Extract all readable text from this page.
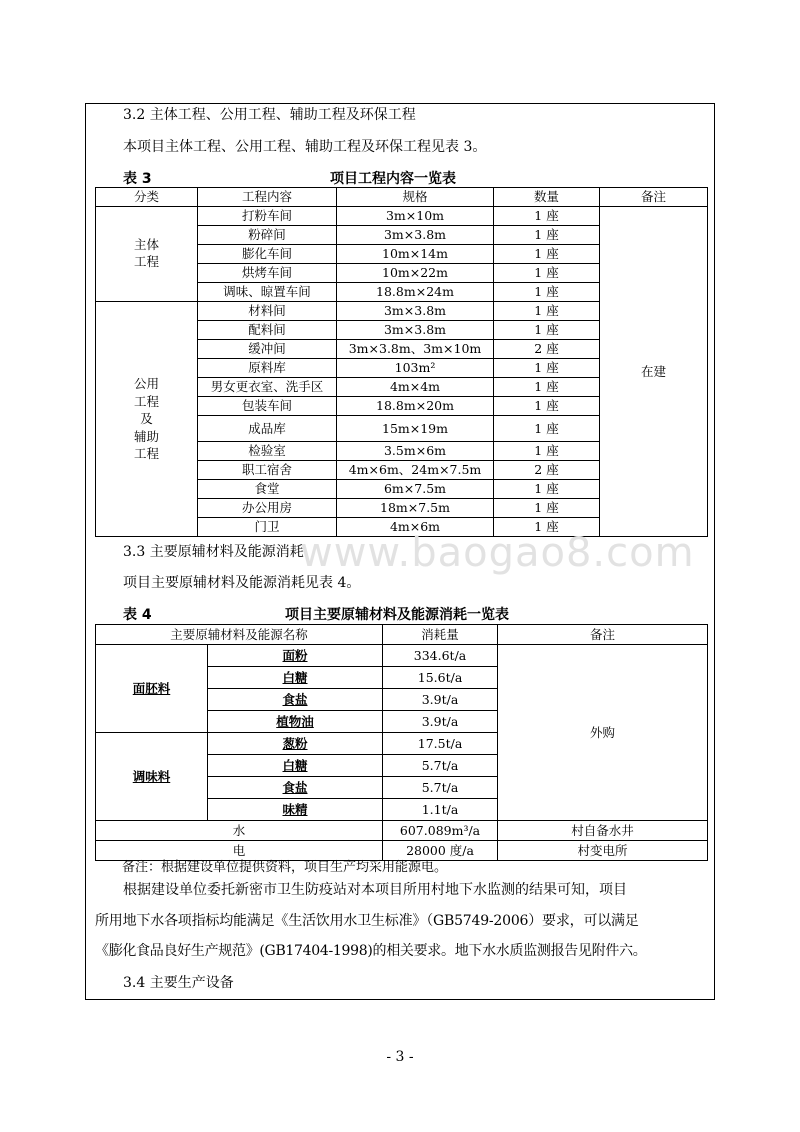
3.2 主体工程、公用工程、辅助工程及环保工程
本项目主体工程、公用工程、辅助工程及环保工程见表 3。
表 3	项目工程内容一览表
分类	工程内容	规格	数量	备注

主体
工程	打粉车间	3m×10m	1 座	在建
	粉碎间	3m×3.8m	1 座	
	膨化车间	10m×14m	1 座	
	烘烤车间	10m×22m	1 座	
	调味、晾置车间	18.8m×24m	1 座	

公用
工程
及
辅助
工程	材料间	3m×3.8m	1 座	
	配料间	3m×3.8m	1 座	
	缓冲间	3m×3.8m、3m×10m	2 座	
	原料库	103m²	1 座	
	男女更衣室、洗手区	4m×4m	1 座	
	包装车间	18.8m×20m	1 座	
	成品库	15m×19m	1 座	
	检验室	3.5m×6m	1 座	
	职工宿舍	4m×6m、24m×7.5m	2 座	
	食堂	6m×7.5m	1 座	
	办公用房	18m×7.5m	1 座	
	门卫	4m×6m	1 座	
3.3 主要原辅材料及能源消耗
项目主要原辅材料及能源消耗见表 4。
www.baogao8.com
表 4	项目主要原辅材料及能源消耗一览表
主要原辅材料及能源名称		消耗量	备注
面胚料	面粉	334.6t/a	外购
	白糖	15.6t/a	
	食盐	3.9t/a	
	植物油	3.9t/a	
调味料	葱粉	17.5t/a	
	白糖	5.7t/a	
	食盐	5.7t/a	
	味精	1.1t/a	
水		607.089m³/a	村自备水井
电		28000 度/a	村变电所
备注：根据建设单位提供资料，项目生产均采用能源电。
根据建设单位委托新密市卫生防疫站对本项目所用村地下水监测的结果可知，项目
所用地下水各项指标均能满足《生活饮用水卫生标准》（GB5749-2006）要求，可以满足
《膨化食品良好生产规范》(GB17404-1998)的相关要求。地下水水质监测报告见附件六。
3.4 主要生产设备
- 3 -
